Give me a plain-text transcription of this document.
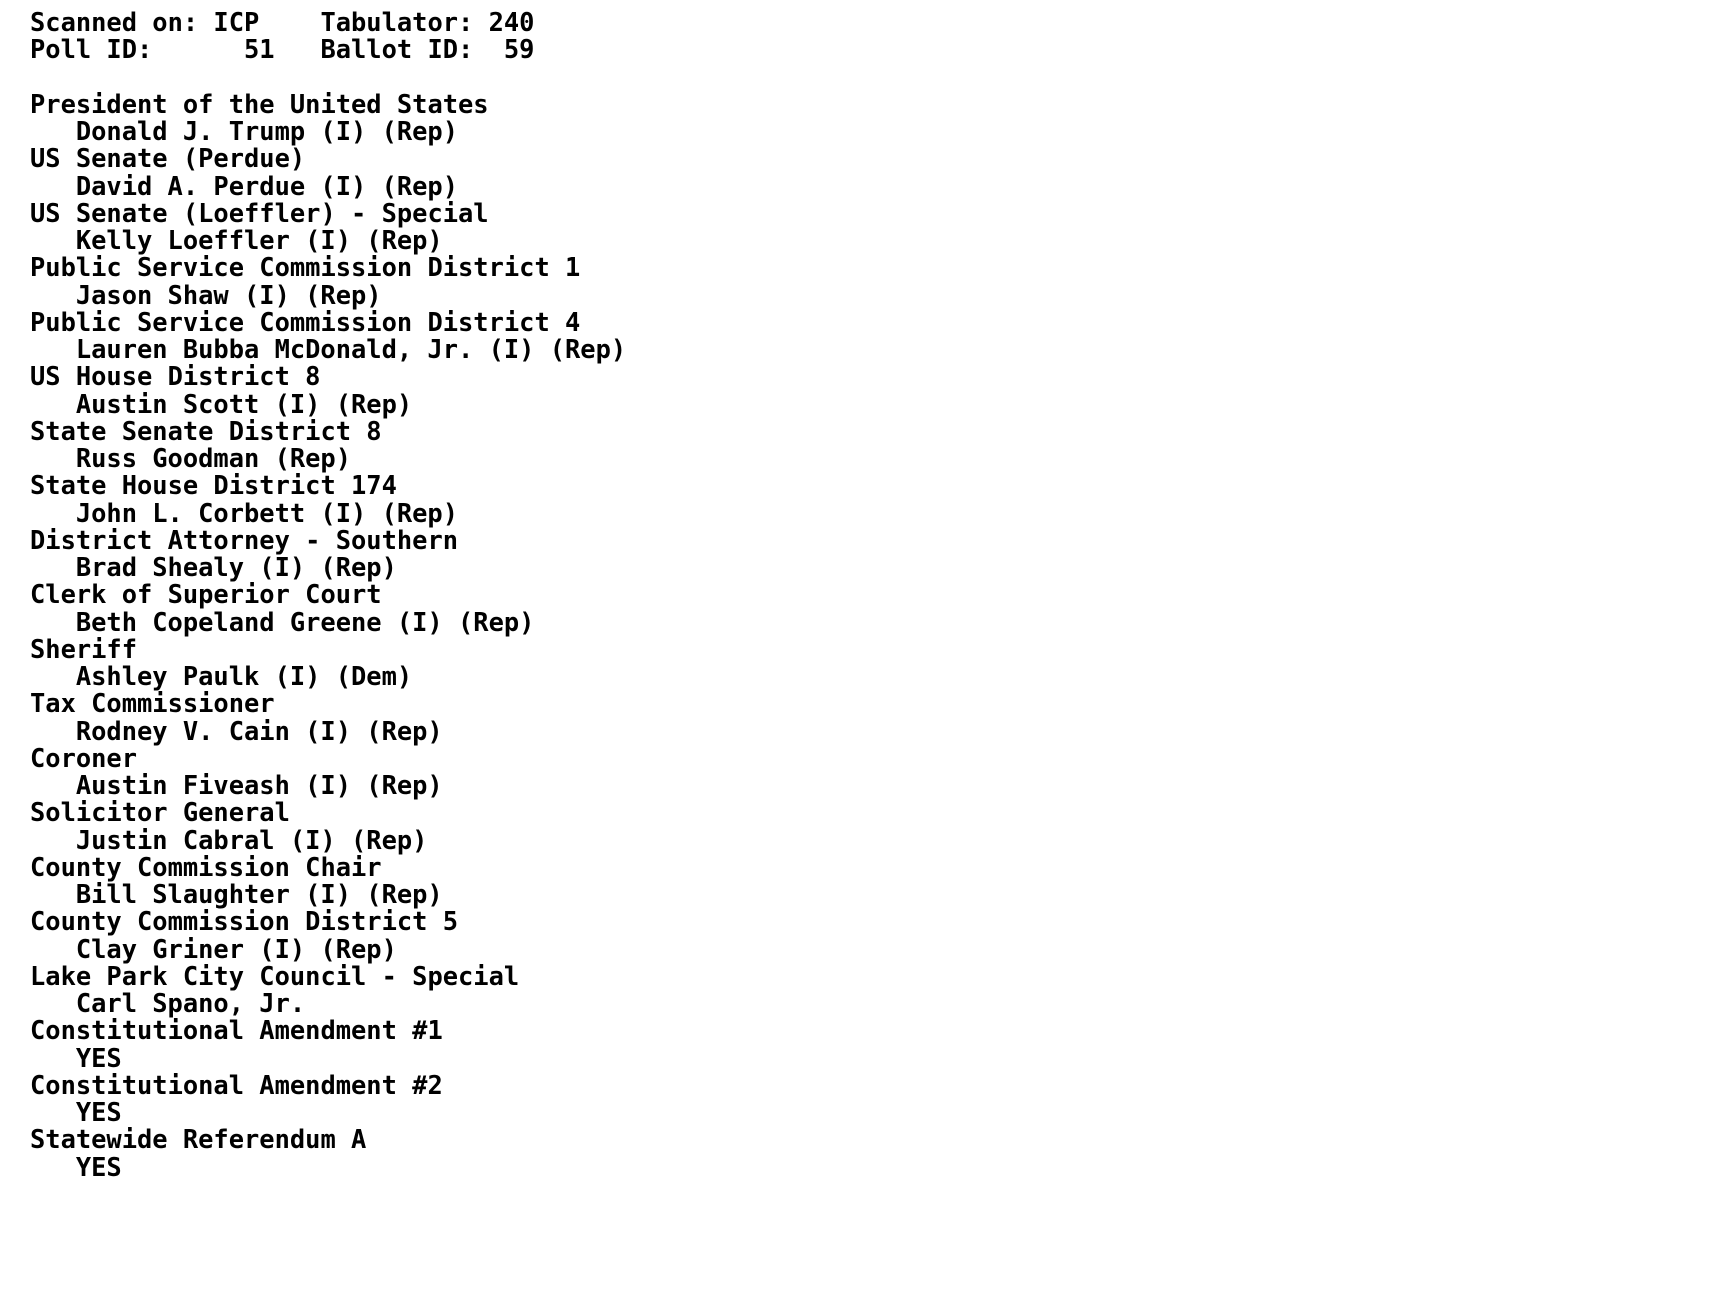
Scanned on: ICP Tabulator: 240
Poll ID:	51 Ballot ID: 59
President of the United States
Donald J. Trump (I) (Rep)
US Senate (Perdue)
David A. Perdue (I) (Rep)
US Senate (Loeffler) - Special
Kelly Loeffler (I) (Rep)
Public Service Commission District 1
Jason Shaw (I) (Rep)
Public Service Commission District 4
Lauren Bubba McDonald, Jr. (I) (Rep)
US House District 8
Austin Scott (I) (Rep)
State Senate District 8
Russ Goodman (Rep)
State House District 174
John L. Corbett (I) (Rep)
District Attorney - Southern
Brad Shealy (I) (Rep)
Clerk of Superior Court
Beth Copeland Greene (I) (Rep)
Sheriff
Ashley Paulk (I) (Dem)
Tax Commissioner
Rodney V. Cain (I) (Rep)
Coroner
Austin Fiveash (I) (Rep)
Solicitor General
Justin Cabral (I) (Rep)
County Commission Chair
Bill Slaughter (I) (Rep)
County Commission District 5
Clay Griner (I) (Rep)
Lake Park City Council - Special
Carl Spano, Jr.
Constitutional Amendment #1
YES
Constitutional Amendment #2
YES
Statewide Referendum A
YES
